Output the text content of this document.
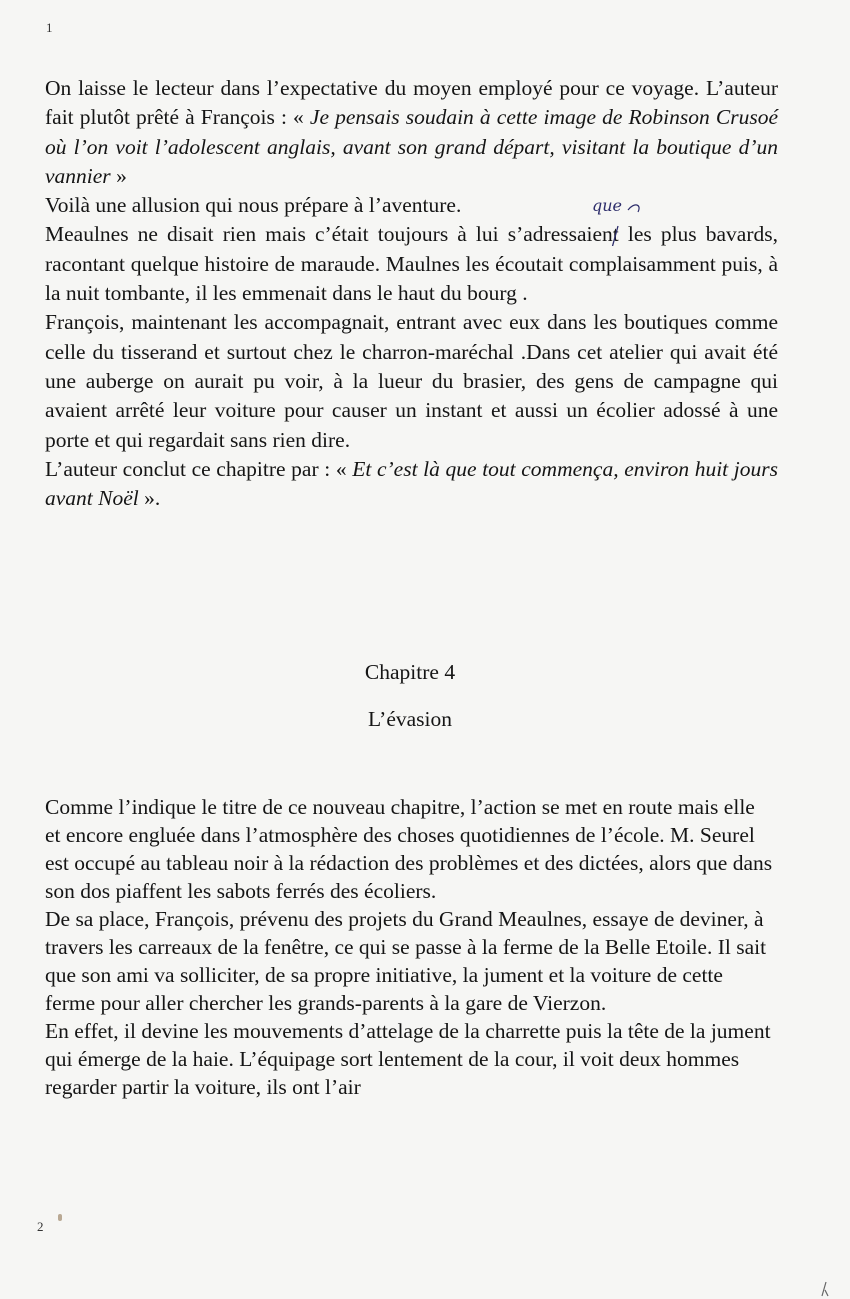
1

On laisse le lecteur dans l’expectative du moyen employé pour ce voyage. L’auteur fait plutôt prêté à François : « Je pensais soudain à cette image de Robinson Crusoé où l’on voit l’adolescent anglais, avant son grand départ, visitant la boutique d’un vannier »

Voilà une allusion qui nous prépare à l’aventure.

Meaulnes ne disait rien mais c’était toujours à lui s’adressaient les plus bavards, racontant quelque histoire de maraude. Maulnes les écoutait complaisamment puis, à la nuit tombante, il les emmenait dans le haut du bourg .

François, maintenant les accompagnait, entrant avec eux dans les boutiques comme celle du tisserand et surtout chez le charron-maréchal .Dans cet atelier qui avait été une auberge on aurait pu voir, à la lueur du brasier, des gens de campagne qui avaient arrêté leur voiture pour causer un instant et aussi un écolier adossé à une porte et qui regardait sans rien dire.

L’auteur conclut ce chapitre par : « Et c’est là que tout commença, environ huit jours avant Noël ».

que
Chapitre 4
L’évasion

Comme l’indique le titre de ce nouveau chapitre, l’action se met en route mais elle et encore engluée dans l’atmosphère des choses quotidiennes de l’école. M. Seurel est occupé au tableau noir à la rédaction des problèmes et des dictées, alors que dans son dos piaffent les sabots ferrés des écoliers.

De sa place, François, prévenu des projets du Grand Meaulnes, essaye de deviner, à travers les carreaux de la fenêtre, ce qui se passe à la ferme de la Belle Etoile. Il sait que son ami va solliciter, de sa propre initiative, la jument et la voiture de cette ferme pour aller chercher les grands-parents à la gare de Vierzon.

En effet, il devine les mouvements d’attelage de la charrette puis la tête de la jument qui émerge de la haie. L’équipage sort lentement de la cour, il voit deux hommes regarder partir la voiture, ils ont l’air

2
